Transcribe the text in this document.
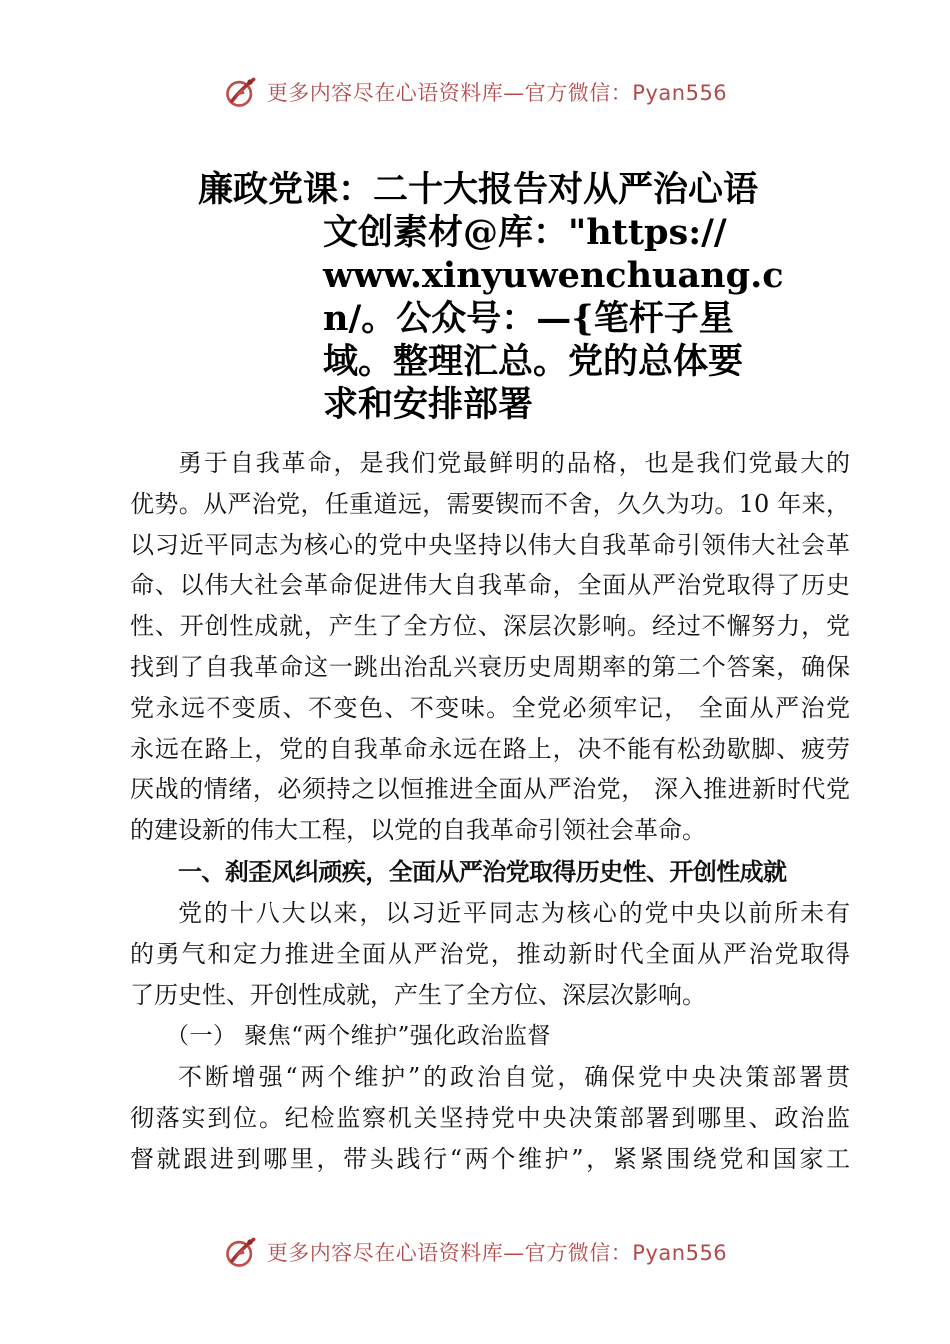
更多内容尽在心语资料库—官方微信：Pyan556
廉政党课：二十大报告对从严治心语
文创素材@库："https://
www.xinyuwenchuang.c
n/。公众号：—{笔杆子星
域。整理汇总。党的总体要
求和安排部署
勇于自我革命，是我们党最鲜明的品格，也是我们党最大的
优势。从严治党，任重道远，需要锲而不舍，久久为功。10 年来，
以习近平同志为核心的党中央坚持以伟大自我革命引领伟大社会革
命、以伟大社会革命促进伟大自我革命，全面从严治党取得了历史
性、开创性成就，产生了全方位、深层次影响。经过不懈努力，党
找到了自我革命这一跳出治乱兴衰历史周期率的第二个答案，确保
党永远不变质、不变色、不变味。全党必须牢记， 全面从严治党
永远在路上，党的自我革命永远在路上，决不能有松劲歇脚、疲劳
厌战的情绪，必须持之以恒推进全面从严治党， 深入推进新时代党
的建设新的伟大工程，以党的自我革命引领社会革命。
一、刹歪风纠顽疾，全面从严治党取得历史性、开创性成就
党的十八大以来，以习近平同志为核心的党中央以前所未有
的勇气和定力推进全面从严治党，推动新时代全面从严治党取得
了历史性、开创性成就，产生了全方位、深层次影响。
（一） 聚焦“两个维护”强化政治监督
不断增强“两个维护”的政治自觉，确保党中央决策部署贯
彻落实到位。纪检监察机关坚持党中央决策部署到哪里、政治监
督就跟进到哪里，带头践行“两个维护”，紧紧围绕党和国家工
更多内容尽在心语资料库—官方微信：Pyan556
